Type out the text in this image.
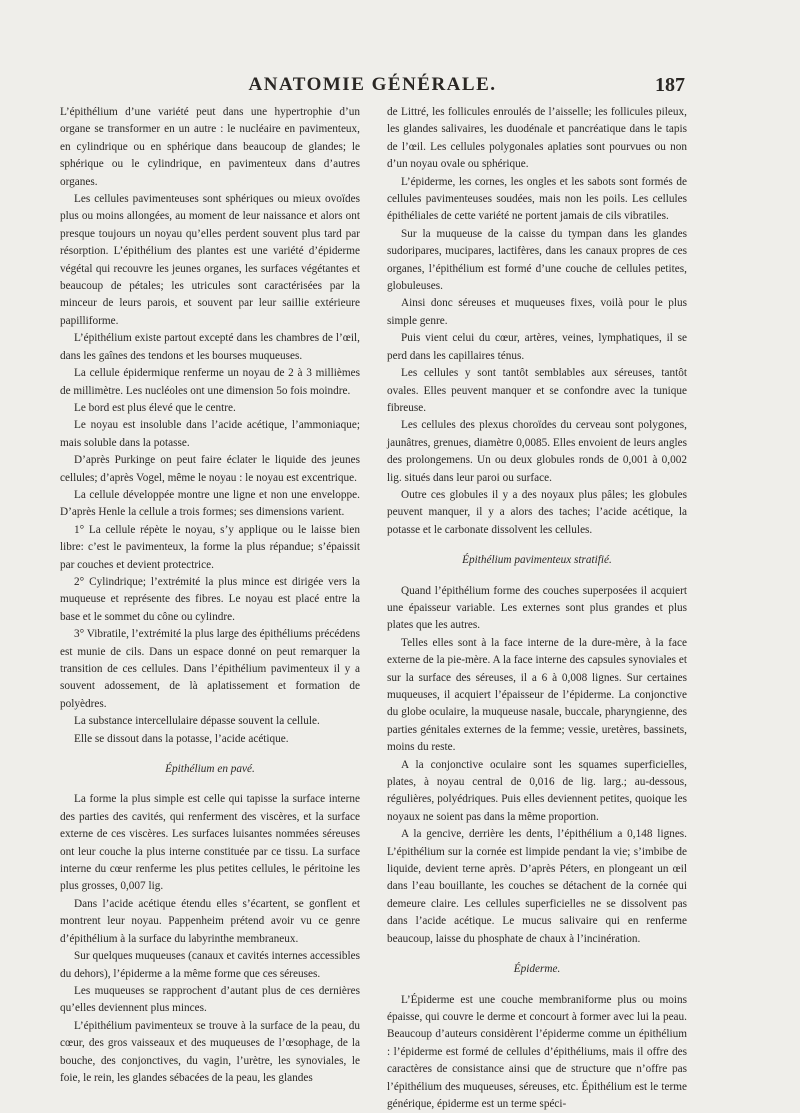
ANATOMIE GÉNÉRALE.	187

L’épithélium d’une variété peut dans une hypertrophie d’un organe se transformer en un autre : le nucléaire en pavimenteux, en cylindrique ou en sphérique dans beaucoup de glandes; le sphérique ou le cylindrique, en pavimenteux dans d’autres organes.

Les cellules pavimenteuses sont sphériques ou mieux ovoïdes plus ou moins allongées, au moment de leur naissance et alors ont presque toujours un noyau qu’elles perdent souvent plus tard par résorption. L’épithélium des plantes est une variété d’épiderme végétal qui recouvre les jeunes organes, les surfaces végétantes et beaucoup de pétales; les utricules sont caractérisées par la minceur de leurs parois, et souvent par leur saillie extérieure papilliforme.

L’épithélium existe partout excepté dans les chambres de l’œil, dans les gaînes des tendons et les bourses muqueuses.

La cellule épidermique renferme un noyau de 2 à 3 millièmes de millimètre. Les nucléoles ont une dimension 5o fois moindre.

Le bord est plus élevé que le centre.

Le noyau est insoluble dans l’acide acétique, l’ammoniaque; mais soluble dans la potasse.

D’après Purkinge on peut faire éclater le liquide des jeunes cellules; d’après Vogel, même le noyau : le noyau est excentrique.

La cellule développée montre une ligne et non une enveloppe. D’après Henle la cellule a trois formes; ses dimensions varient.

1° La cellule répète le noyau, s’y applique ou le laisse bien libre: c’est le pavimenteux, la forme la plus répandue; s’épaissit par couches et devient protectrice.

2° Cylindrique; l’extrémité la plus mince est dirigée vers la muqueuse et représente des fibres. Le noyau est placé entre la base et le sommet du cône ou cylindre.

3° Vibratile, l’extrémité la plus large des épithéliums précédens est munie de cils. Dans un espace donné on peut remarquer la transition de ces cellules. Dans l’épithélium pavimenteux il y a souvent adossement, de là aplatissement et formation de polyèdres.

La substance intercellulaire dépasse souvent la cellule.

Elle se dissout dans la potasse, l’acide acétique.

Épithélium en pavé.

La forme la plus simple est celle qui tapisse la surface interne des parties des cavités, qui renferment des viscères, et la surface externe de ces viscères. Les surfaces luisantes nommées séreuses ont leur couche la plus interne constituée par ce tissu. La surface interne du cœur renferme les plus petites cellules, le péritoine les plus grosses, 0,007 lig.

Dans l’acide acétique étendu elles s’écartent, se gonflent et montrent leur noyau. Pappenheim prétend avoir vu ce genre d’épithélium à la surface du labyrinthe membraneux.

Sur quelques muqueuses (canaux et cavités internes accessibles du dehors), l’épiderme a la même forme que ces séreuses.

Les muqueuses se rapprochent d’autant plus de ces dernières qu’elles deviennent plus minces.

L’épithélium pavimenteux se trouve à la surface de la peau, du cœur, des gros vaisseaux et des muqueuses de l’œsophage, de la bouche, des conjonctives, du vagin, l’urètre, les synoviales, le foie, le rein, les glandes sébacées de la peau, les glandes

de Littré, les follicules enroulés de l’aisselle; les follicules pileux, les glandes salivaires, les duodénale et pancréatique dans le tapis de l’œil. Les cellules polygonales aplaties sont pourvues ou non d’un noyau ovale ou sphérique.

L’épiderme, les cornes, les ongles et les sabots sont formés de cellules pavimenteuses soudées, mais non les poils. Les cellules épithéliales de cette variété ne portent jamais de cils vibratiles.

Sur la muqueuse de la caisse du tympan dans les glandes sudoripares, mucipares, lactifères, dans les canaux propres de ces organes, l’épithélium est formé d’une couche de cellules petites, globuleuses.

Ainsi donc séreuses et muqueuses fixes, voilà pour le plus simple genre.

Puis vient celui du cœur, artères, veines, lymphatiques, il se perd dans les capillaires ténus.

Les cellules y sont tantôt semblables aux séreuses, tantôt ovales. Elles peuvent manquer et se confondre avec la tunique fibreuse.

Les cellules des plexus choroïdes du cerveau sont polygones, jaunâtres, grenues, diamètre 0,0085. Elles envoient de leurs angles des prolongemens. Un ou deux globules ronds de 0,001 à 0,002 lig. situés dans leur paroi ou surface.

Outre ces globules il y a des noyaux plus pâles; les globules peuvent manquer, il y a alors des taches; l’acide acétique, la potasse et le carbonate dissolvent les cellules.

Épithélium pavimenteux stratifié.

Quand l’épithélium forme des couches superposées il acquiert une épaisseur variable. Les externes sont plus grandes et plus plates que les autres.

Telles elles sont à la face interne de la dure-mère, à la face externe de la pie-mère. A la face interne des capsules synoviales et sur la surface des séreuses, il a 6 à 0,008 lignes. Sur certaines muqueuses, il acquiert l’épaisseur de l’épiderme. La conjonctive du globe oculaire, la muqueuse nasale, buccale, pharyngienne, des parties génitales externes de la femme; vessie, uretères, bassinets, moins du reste.

A la conjonctive oculaire sont les squames superficielles, plates, à noyau central de 0,016 de lig. larg.; au-dessous, régulières, polyédriques. Puis elles deviennent petites, quoique les noyaux ne soient pas dans la même proportion.

A la gencive, derrière les dents, l’épithélium a 0,148 lignes. L’épithélium sur la cornée est limpide pendant la vie; s’imbibe de liquide, devient terne après. D’après Péters, en plongeant un œil dans l’eau bouillante, les couches se détachent de la cornée qui demeure claire. Les cellules superficielles ne se dissolvent pas dans l’acide acétique. Le mucus salivaire qui en renferme beaucoup, laisse du phosphate de chaux à l’incinération.

Épiderme.

L’Épiderme est une couche membraniforme plus ou moins épaisse, qui couvre le derme et concourt à former avec lui la peau. Beaucoup d’auteurs considèrent l’épiderme comme un épithélium : l’épiderme est formé de cellules d’épithéliums, mais il offre des caractères de consistance ainsi que de structure que n’offre pas l’épithélium des muqueuses, séreuses, etc. Épithélium est le terme générique, épiderme est un terme spéci-
